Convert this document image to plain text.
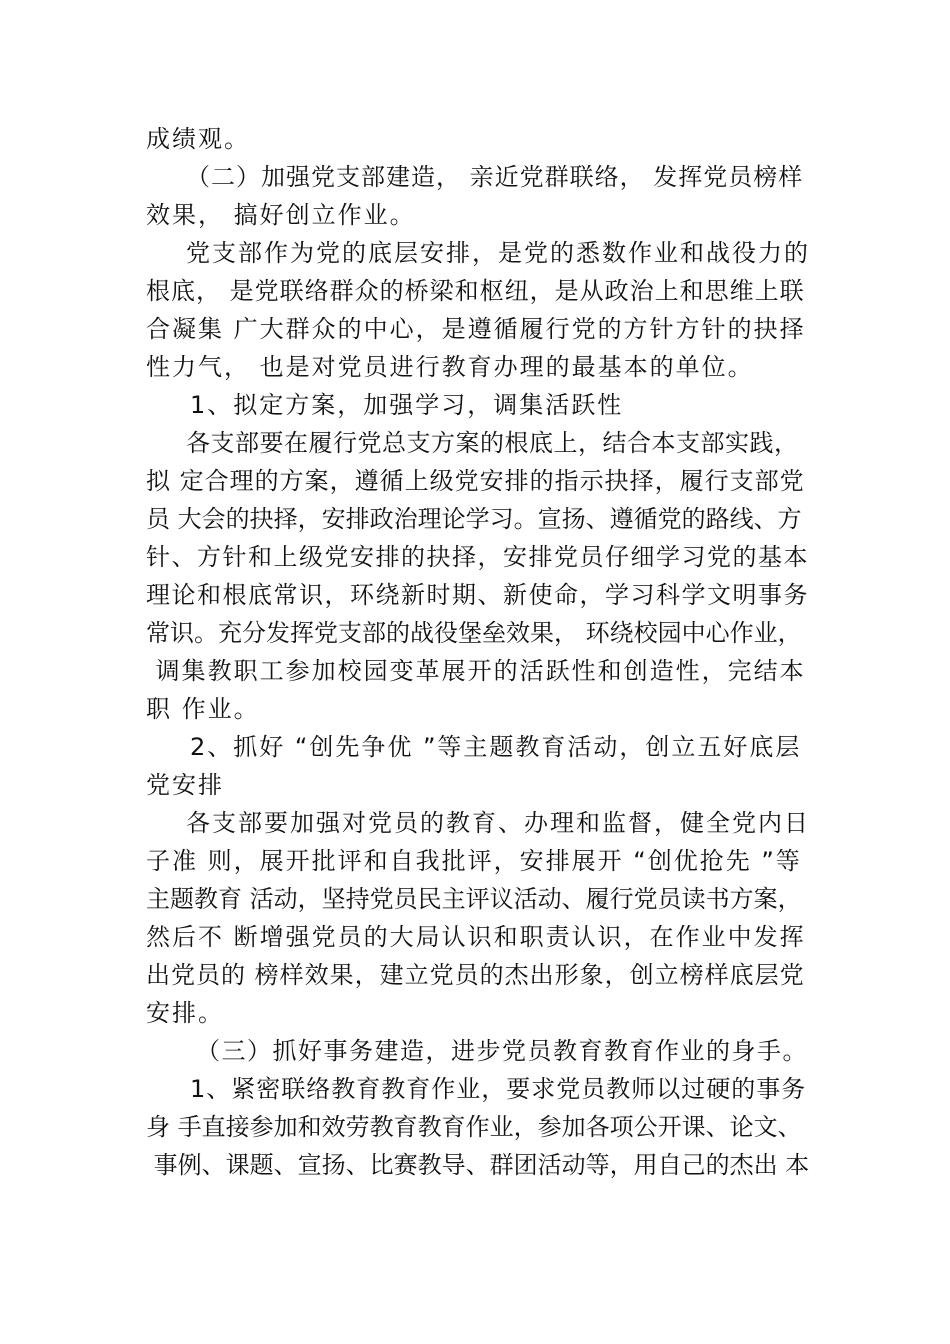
成绩观。
（二）加强党支部建造， 亲近党群联络， 发挥党员榜样
效果， 搞好创立作业。
党支部作为党的底层安排，是党的悉数作业和战役力的
根底， 是党联络群众的桥梁和枢纽，是从政治上和思维上联
合凝集 广大群众的中心，是遵循履行党的方针方针的抉择
性力气， 也是对党员进行教育办理的最基本的单位。
1、拟定方案，加强学习，调集活跃性
各支部要在履行党总支方案的根底上，结合本支部实践，
拟 定合理的方案，遵循上级党安排的指示抉择，履行支部党
员 大会的抉择，安排政治理论学习。宣扬、遵循党的路线、方
针、方针和上级党安排的抉择，安排党员仔细学习党的基本
理论和根底常识，环绕新时期、新使命，学习科学文明事务
常识。充分发挥党支部的战役堡垒效果， 环绕校园中心作业，
调集教职工参加校园变革展开的活跃性和创造性，完结本
职 作业。
2、抓好 “创先争优 ”等主题教育活动，创立五好底层
党安排
各支部要加强对党员的教育、办理和监督，健全党内日
子准 则，展开批评和自我批评，安排展开 “创优抢先 ”等
主题教育 活动，坚持党员民主评议活动、履行党员读书方案，
然后不 断增强党员的大局认识和职责认识，在作业中发挥
出党员的 榜样效果，建立党员的杰出形象，创立榜样底层党
安排。
（三）抓好事务建造，进步党员教育教育作业的身手。
1、紧密联络教育教育作业，要求党员教师以过硬的事务
身 手直接参加和效劳教育教育作业，参加各项公开课、论文、
事例、课题、宣扬、比赛教导、群团活动等，用自己的杰出 本
